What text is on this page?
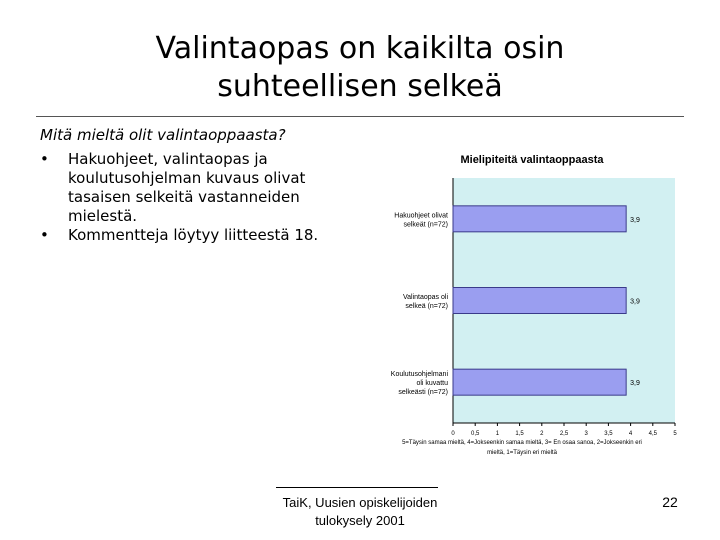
Valintaopas on kaikilta osin
suhteellisen selkeä
Mitä mieltä olit valintaoppaasta?
•	Hakuohjeet, valintaopas ja koulutusohjelman kuvaus olivat tasaisen selkeitä vastanneiden mielestä.
•	Kommentteja löytyy liitteestä 18.
Mielipiteitä valintaoppaasta
0	0,5	1	1,5	2	2,5	3	3,5	4	4,5	5
3,9
Hakuohjeet olivat
selkeät (n=72)
3,9
Valintaopas oli
selkeä (n=72)
3,9
Koulutusohjelmani
oli kuvattu
selkeästi (n=72)
5=Täysin samaa mieltä, 4=Jokseenkin samaa mieltä, 3= En osaa sanoa, 2=Jokseenkin eri
mieltä, 1=Täysin eri mieltä
TaiK, Uusien opiskelijoiden
tulokysely 2001
22
